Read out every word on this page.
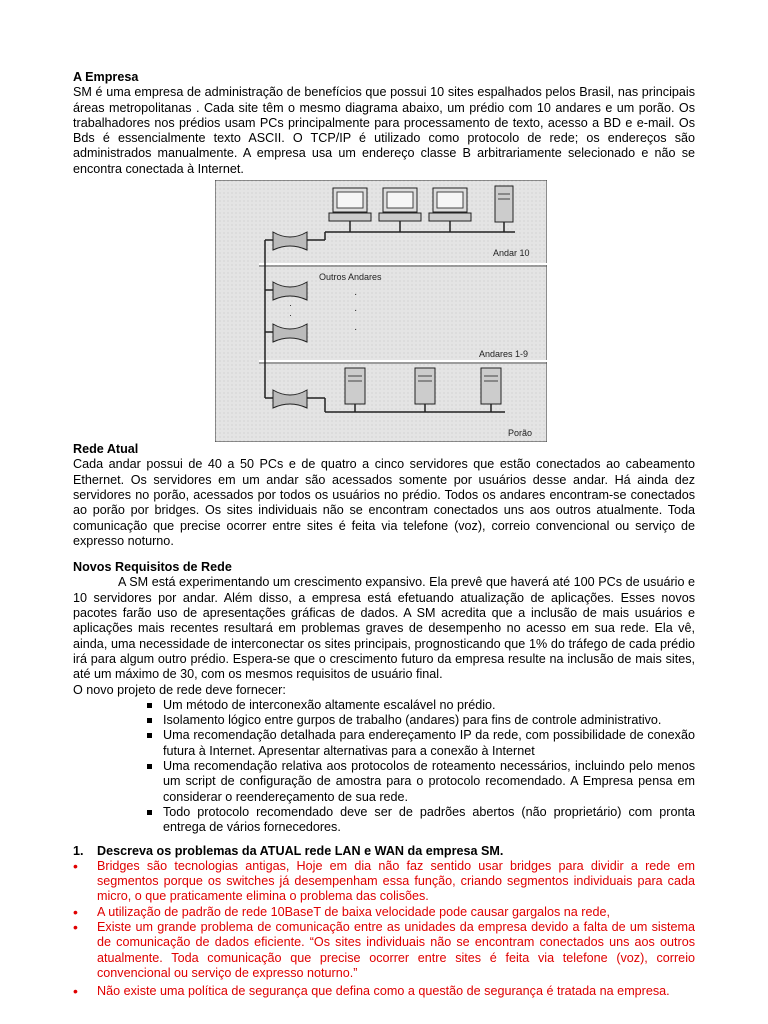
A Empresa

SM é uma empresa de administração de benefícios que possui 10 sites espalhados pelos Brasil, nas principais áreas metropolitanas . Cada site têm o mesmo diagrama abaixo, um prédio com 10 andares e um porão. Os trabalhadores nos prédios usam PCs principalmente para processamento de texto, acesso a BD e e-mail. Os Bds é essencialmente texto ASCII. O TCP/IP é utilizado como protocolo de rede; os endereços são administrados manualmente. A empresa usa um endereço classe B arbitrariamente selecionado e não se encontra conectada à Internet.

Andar 10
·
·
Outros Andares
·
·
·
Andares 1-9
Porão
Rede Atual

Cada andar possui de 40 a 50 PCs e de quatro a cinco servidores que estão conectados ao cabeamento Ethernet. Os servidores em um andar são acessados somente por usuários desse andar. Há ainda dez servidores no porão, acessados por todos os usuários no prédio. Todos os andares encontram-se conectados ao porão por bridges. Os sites individuais não se encontram conectados uns aos outros atualmente. Toda comunicação que precise ocorrer entre sites é feita via telefone (voz), correio convencional ou serviço de expresso noturno.

Novos Requisitos de Rede

A SM está experimentando um crescimento expansivo. Ela prevê que haverá até 100 PCs de usuário e 10 servidores por andar. Além disso, a empresa está efetuando atualização de aplicações. Esses novos pacotes farão uso de apresentações gráficas de dados. A SM acredita que a inclusão de mais usuários e aplicações mais recentes resultará em problemas graves de desempenho no acesso em sua rede. Ela vê, ainda, uma necessidade de interconectar os sites principais, prognosticando que 1% do tráfego de cada prédio irá para algum outro prédio. Espera-se que o crescimento futuro da empresa resulte na inclusão de mais sites, até um máximo de 30, com os mesmos requisitos de usuário final.

O novo projeto de rede deve fornecer:

Um método de interconexão altamente escalável no prédio.
Isolamento lógico entre gurpos de trabalho (andares) para fins de controle administrativo.
Uma recomendação detalhada para endereçamento IP da rede, com possibilidade de conexão futura à Internet. Apresentar alternativas para a conexão à Internet
Uma recomendação relativa aos protocolos de roteamento necessários, incluindo pelo menos um script de configuração de amostra para o protocolo recomendado. A Empresa pensa em considerar o reendereçamento de sua rede.
Todo protocolo recomendado deve ser de padrões abertos (não proprietário) com pronta entrega de vários fornecedores.
1.	Descreva os problemas da ATUAL rede LAN e WAN da empresa SM.
• Bridges são tecnologias antigas, Hoje em dia não faz sentido usar bridges para dividir a rede em segmentos porque os switches já desempenham essa função, criando segmentos individuais para cada micro, o que praticamente elimina o problema das colisões.
• A utilização de padrão de rede 10BaseT de baixa velocidade pode causar gargalos na rede,
• Existe um grande problema de comunicação entre as unidades da empresa devido a falta de um sistema de comunicação de dados eficiente. “Os sites individuais não se encontram conectados uns aos outros atualmente. Toda comunicação que precise ocorrer entre sites é feita via telefone (voz), correio convencional ou serviço de expresso noturno.”
• Não existe uma política de segurança que defina como a questão de segurança é tratada na empresa.
